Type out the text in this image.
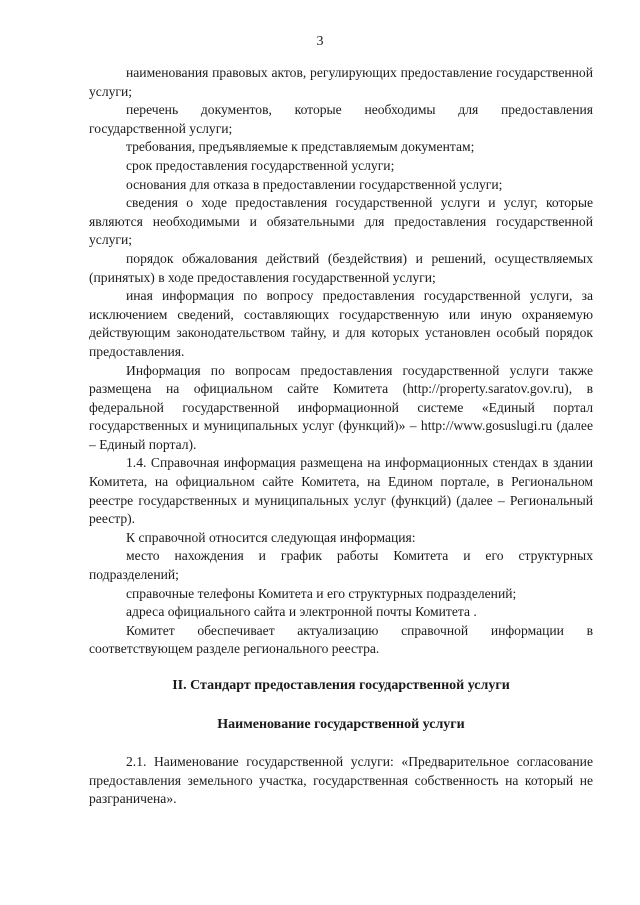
3

наименования правовых актов, регулирующих предоставление государственной услуги;

перечень документов, которые необходимы для предоставления государственной услуги;

требования, предъявляемые к представляемым документам;

срок предоставления государственной услуги;

основания для отказа в предоставлении государственной услуги;

сведения о ходе предоставления государственной услуги и услуг, которые являются необходимыми и обязательными для предоставления государственной услуги;

порядок обжалования действий (бездействия) и решений, осуществляемых (принятых) в ходе предоставления государственной услуги;

иная информация по вопросу предоставления государственной услуги, за исключением сведений, составляющих государственную или иную охраняемую действующим законодательством тайну, и для которых установлен особый порядок предоставления.

Информация по вопросам предоставления государственной услуги также размещена на официальном сайте Комитета (http://property.saratov.gov.ru), в федеральной государственной информационной системе «Единый портал государственных и муниципальных услуг (функций)» – http://www.gosuslugi.ru (далее – Единый портал).

1.4. Справочная информация размещена на информационных стендах в здании Комитета, на официальном сайте Комитета, на Едином портале, в Региональном реестре государственных и муниципальных услуг (функций) (далее – Региональный реестр).

К справочной относится следующая информация:

место нахождения и график работы Комитета и его структурных подразделений;

справочные телефоны Комитета и его структурных подразделений;

адреса официального сайта и электронной почты Комитета .

Комитет обеспечивает актуализацию справочной информации в соответствующем разделе регионального реестра.

II. Стандарт предоставления государственной услуги

Наименование государственной услуги

2.1. Наименование государственной услуги: «Предварительное согласование предоставления земельного участка, государственная собственность на который не разграничена».
